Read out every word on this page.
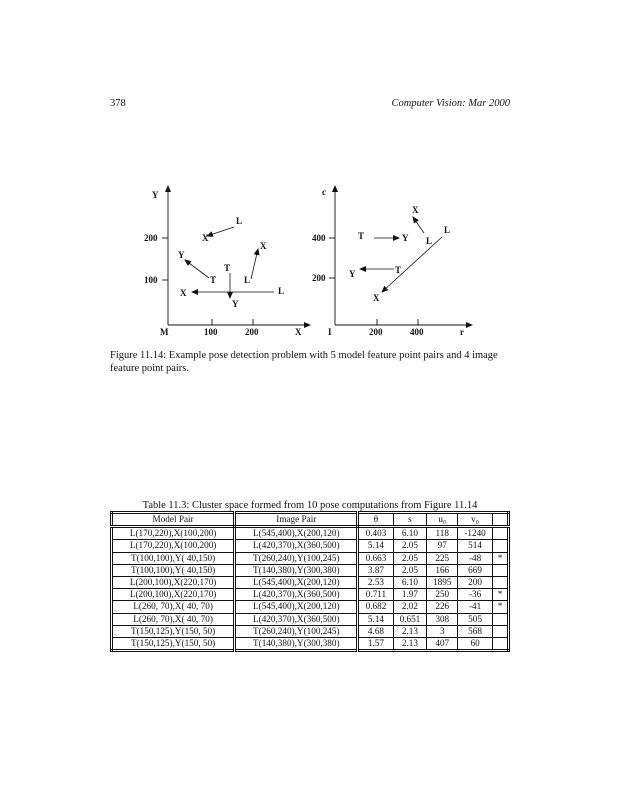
378	Computer Vision: Mar 2000
Y
200
100
M	100	200	X
L
X
X
Y
T
T
L
X	L
Y
c
400
200
I	200	400	r
X
L
T	Y L
Y	T
X
Figure 11.14: Example pose detection problem with 5 model feature point pairs and 4 image feature point pairs.
Table 11.3: Cluster space formed from 10 pose computations from Figure 11.14
Model Pair	Image Pair	θ	s	u₀	v₀	
L(170,220),X(100,200)	L(545,400),X(200,120)	0.403	6.10	118	-1240	
L(170,220),X(100,200)	L(420,370),X(360,500)	5.14	2.05	97	514	
T(100,100),Y( 40,150)	T(260,240),Y(100,245)	0.663	2.05	225	-48	*
T(100,100),Y( 40,150)	T(140,380),Y(300,380)	3.87	2.05	166	669	
L(200,100),X(220,170)	L(545,400),X(200,120)	2.53	6.10	1895	200	
L(200,100),X(220,170)	L(420,370),X(360,500)	0.711	1.97	250	-36	*
L(260, 70),X( 40, 70)	L(545,400),X(200,120)	0.682	2.02	226	-41	*
L(260, 70),X( 40, 70)	L(420,370),X(360,500)	5.14	0.651	308	505	
T(150,125),Y(150, 50)	T(260,240),Y(100,245)	4.68	2.13	3	568	
T(150,125),Y(150, 50)	T(140,380),Y(300,380)	1.57	2.13	407	60	
